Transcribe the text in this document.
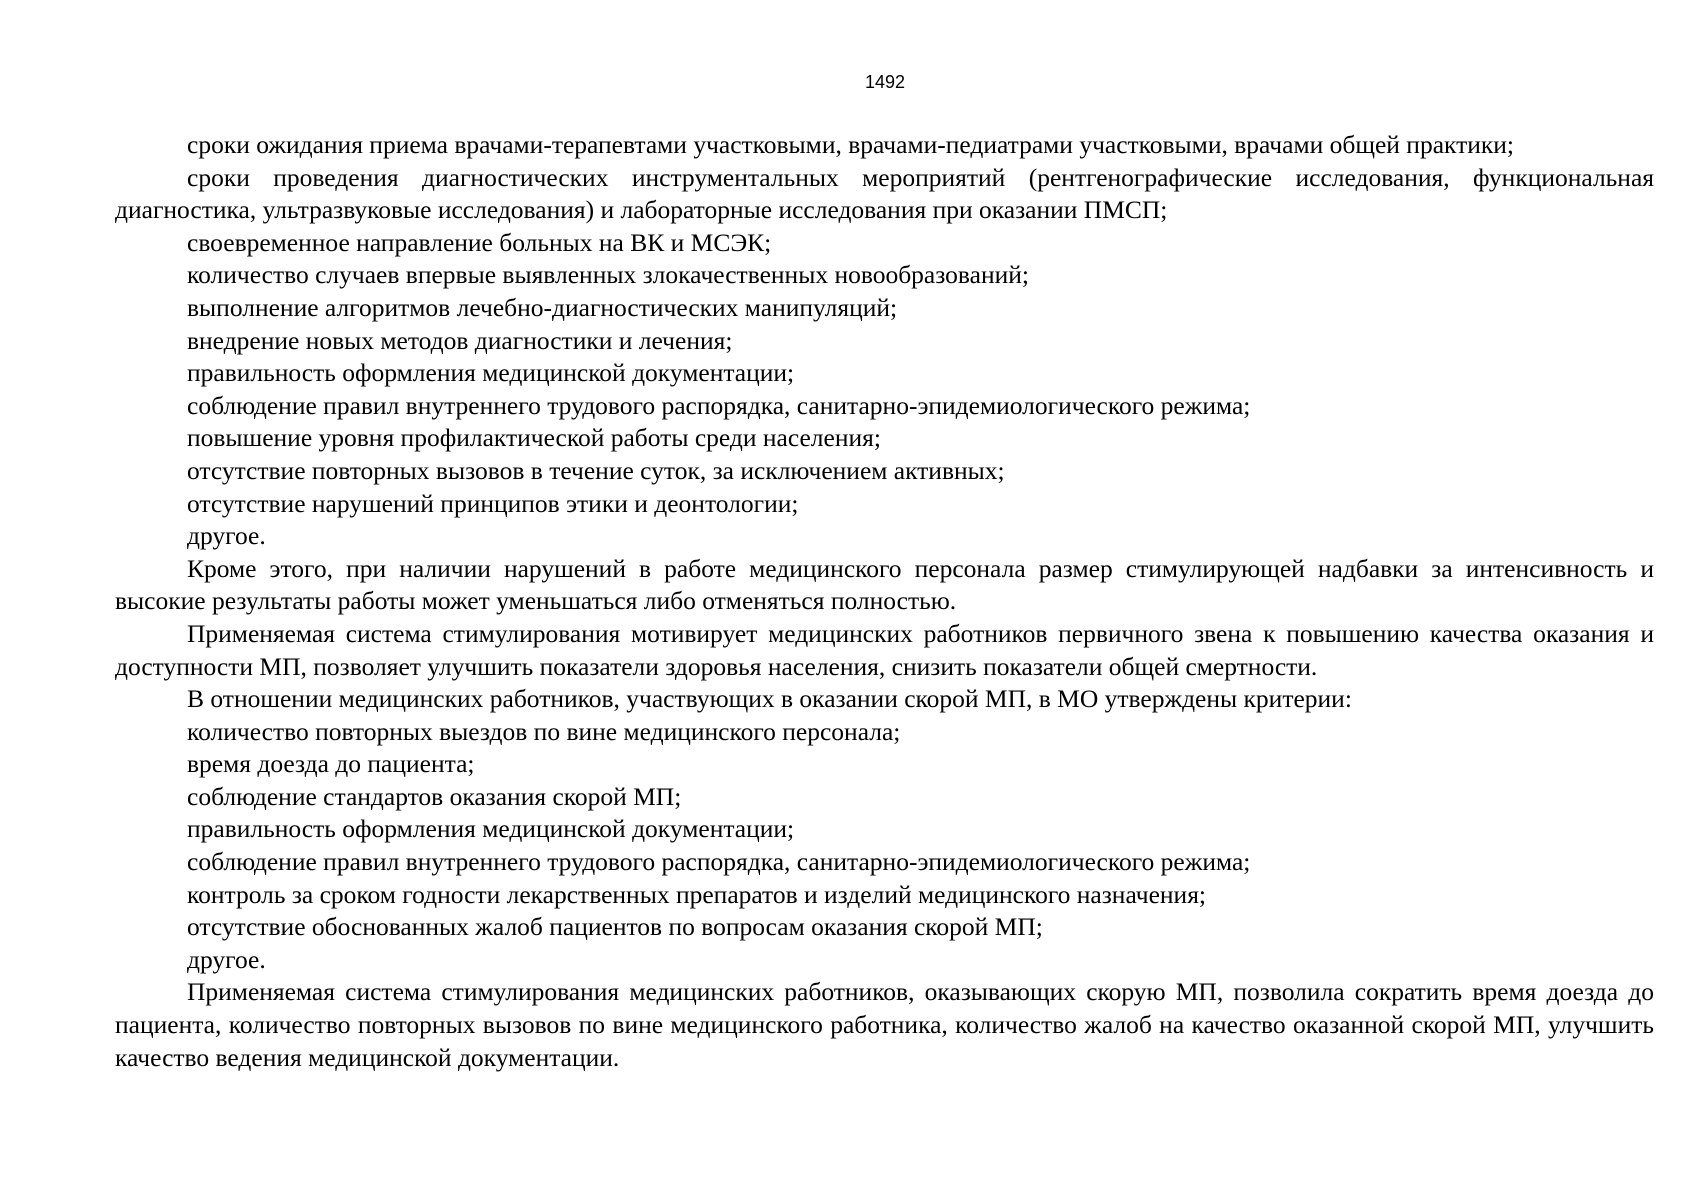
1492

сроки ожидания приема врачами-терапевтами участковыми, врачами-педиатрами участковыми, врачами общей практики;

сроки проведения диагностических инструментальных мероприятий (рентгенографические исследования, функциональная диагностика, ультразвуковые исследования) и лабораторные исследования при оказании ПМСП;

своевременное направление больных на ВК и МСЭК;

количество случаев впервые выявленных злокачественных новообразований;

выполнение алгоритмов лечебно-диагностических манипуляций;

внедрение новых методов диагностики и лечения;

правильность оформления медицинской документации;

соблюдение правил внутреннего трудового распорядка, санитарно-эпидемиологического режима;

повышение уровня профилактической работы среди населения;

отсутствие повторных вызовов в течение суток, за исключением активных;

отсутствие нарушений принципов этики и деонтологии;

другое.

Кроме этого, при наличии нарушений в работе медицинского персонала размер стимулирующей надбавки за интенсивность и высокие результаты работы может уменьшаться либо отменяться полностью.

Применяемая система стимулирования мотивирует медицинских работников первичного звена к повышению качества оказания и доступности МП, позволяет улучшить показатели здоровья населения, снизить показатели общей смертности.

В отношении медицинских работников, участвующих в оказании скорой МП, в МО утверждены критерии:

количество повторных выездов по вине медицинского персонала;

время доезда до пациента;

соблюдение стандартов оказания скорой МП;

правильность оформления медицинской документации;

соблюдение правил внутреннего трудового распорядка, санитарно-эпидемиологического режима;

контроль за сроком годности лекарственных препаратов и изделий медицинского назначения;

отсутствие обоснованных жалоб пациентов по вопросам оказания скорой МП;

другое.

Применяемая система стимулирования медицинских работников, оказывающих скорую МП, позволила сократить время доезда до пациента, количество повторных вызовов по вине медицинского работника, количество жалоб на качество оказанной скорой МП, улучшить качество ведения медицинской документации.
